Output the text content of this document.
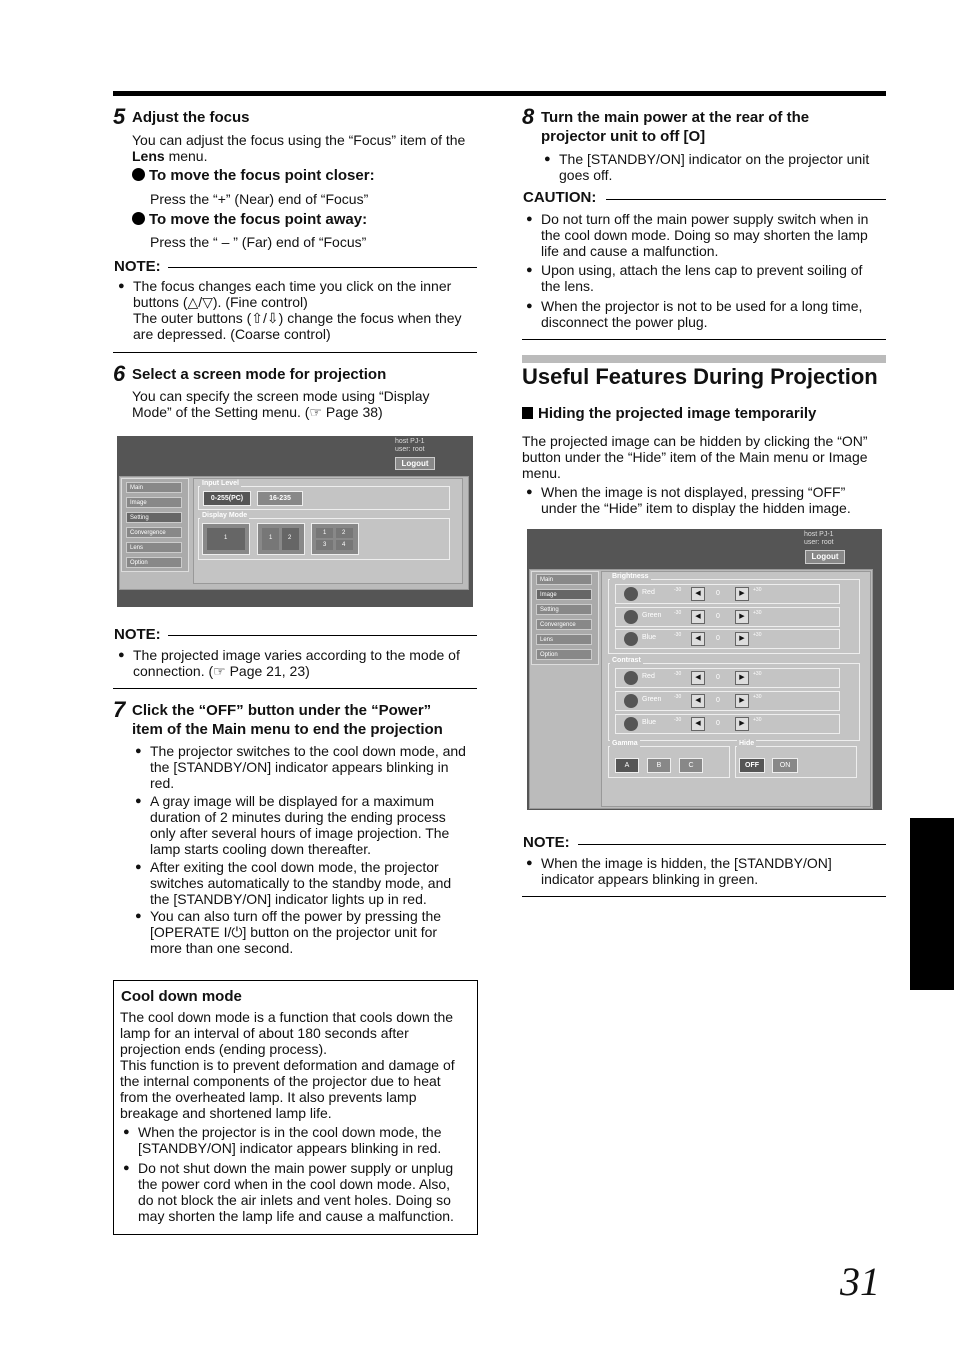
5 Adjust the focus
You can adjust the focus using the “Focus” item of the
Lens menu.
To move the focus point closer:
Press the “+” (Near) end of “Focus”
To move the focus point away:
Press the “ – ” (Far) end of “Focus”
NOTE:
● The focus changes each time you click on the inner
buttons (△/▽). (Fine control)
The outer buttons (⇧/⇩) change the focus when they
are depressed. (Coarse control)
6 Select a screen mode for projection
You can specify the screen mode using “Display
Mode” of the Setting menu. (☞ Page 38)
host PJ-1
user: root
Logout
Main
Image
Setting
Convergence
Lens
Option
Input Level
0-255(PC)	16-235
Display Mode
1	1	2
1	2
3	4
NOTE:
● The projected image varies according to the mode of
connection. (☞ Page 21, 23)
7 Click the “OFF” button under the “Power”
item of the Main menu to end the projection
● The projector switches to the cool down mode, and
the [STANDBY/ON] indicator appears blinking in
red.
● A gray image will be displayed for a maximum
duration of 2 minutes during the ending process
only after several hours of image projection. The
lamp starts cooling down thereafter.
● After exiting the cool down mode, the projector
switches automatically to the standby mode, and
the [STANDBY/ON] indicator lights up in red.
● You can also turn off the power by pressing the
[OPERATE I/⏻] button on the projector unit for
more than one second.
Cool down mode
The cool down mode is a function that cools down the
lamp for an interval of about 180 seconds after
projection ends (ending process).
This function is to prevent deformation and damage of
the internal components of the projector due to heat
from the overheated lamp. It also prevents lamp
breakage and shortened lamp life.
● When the projector is in the cool down mode, the
[STANDBY/ON] indicator appears blinking in red.
● Do not shut down the main power supply or unplug
the power cord when in the cool down mode. Also,
do not block the air inlets and vent holes. Doing so
may shorten the lamp life and cause a malfunction.
8 Turn the main power at the rear of the
projector unit to off [O]
● The [STANDBY/ON] indicator on the projector unit
goes off.
CAUTION:
● Do not turn off the main power supply switch when in
the cool down mode. Doing so may shorten the lamp
life and cause a malfunction.
● Upon using, attach the lens cap to prevent soiling of
the lens.
● When the projector is not to be used for a long time,
disconnect the power plug.
Useful Features During Projection
Hiding the projected image temporarily
The projected image can be hidden by clicking the “ON”
button under the “Hide” item of the Main menu or Image
menu.
● When the image is not displayed, pressing “OFF”
under the “Hide” item to display the hidden image.
host PJ-1
user: root
Logout
Main
Image
Setting
Convergence
Lens
Option
Brightness
Red	-30	◀	0	▶	+30
Green	-30	◀	0	▶	+30
Blue	-30	◀	0	▶	+30
Contrast
Red	-30	◀	0	▶	+30
Green	-30	◀	0	▶	+30
Blue	-30	◀	0	▶	+30
Gamma
A	B	C
Hide
OFF	ON
NOTE:
● When the image is hidden, the [STANDBY/ON]
indicator appears blinking in green.
31
